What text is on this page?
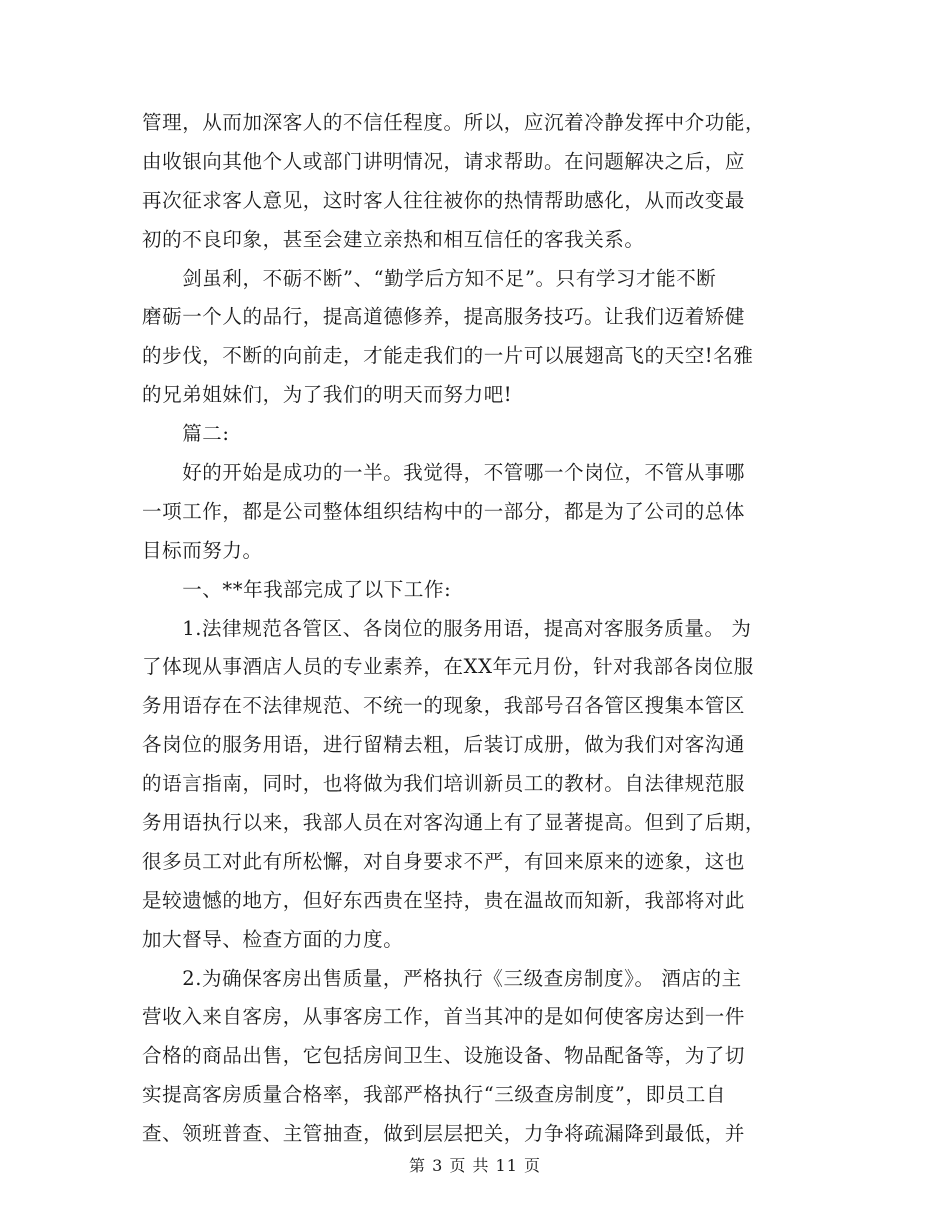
管理，从而加深客人的不信任程度。所以，应沉着冷静发挥中介功能，
由收银向其他个人或部门讲明情况，请求帮助。在问题解决之后，应
再次征求客人意见，这时客人往往被你的热情帮助感化，从而改变最
初的不良印象，甚至会建立亲热和相互信任的客我关系。
　　剑虽利，不砺不断”、“勤学后方知不足”。只有学习才能不断
磨砺一个人的品行，提高道德修养，提高服务技巧。让我们迈着矫健
的步伐，不断的向前走，才能走我们的一片可以展翅高飞的天空!名雅
的兄弟姐妹们，为了我们的明天而努力吧!
　　篇二:
　　好的开始是成功的一半。我觉得，不管哪一个岗位，不管从事哪
一项工作，都是公司整体组织结构中的一部分，都是为了公司的总体
目标而努力。
　　一、**年我部完成了以下工作:
　　1.法律规范各管区、各岗位的服务用语，提高对客服务质量。 为
了体现从事酒店人员的专业素养，在XX年元月份，针对我部各岗位服
务用语存在不法律规范、不统一的现象，我部号召各管区搜集本管区
各岗位的服务用语，进行留精去粗，后装订成册，做为我们对客沟通
的语言指南，同时，也将做为我们培训新员工的教材。自法律规范服
务用语执行以来，我部人员在对客沟通上有了显著提高。但到了后期，
很多员工对此有所松懈，对自身要求不严，有回来原来的迹象，这也
是较遗憾的地方，但好东西贵在坚持，贵在温故而知新，我部将对此
加大督导、检查方面的力度。
　　2.为确保客房出售质量，严格执行《三级查房制度》。 酒店的主
营收入来自客房，从事客房工作，首当其冲的是如何使客房达到一件
合格的商品出售，它包括房间卫生、设施设备、物品配备等，为了切
实提高客房质量合格率，我部严格执行“三级查房制度”，即员工自
查、领班普查、主管抽查，做到层层把关，力争将疏漏降到最低，并
第 3 页 共 11 页
